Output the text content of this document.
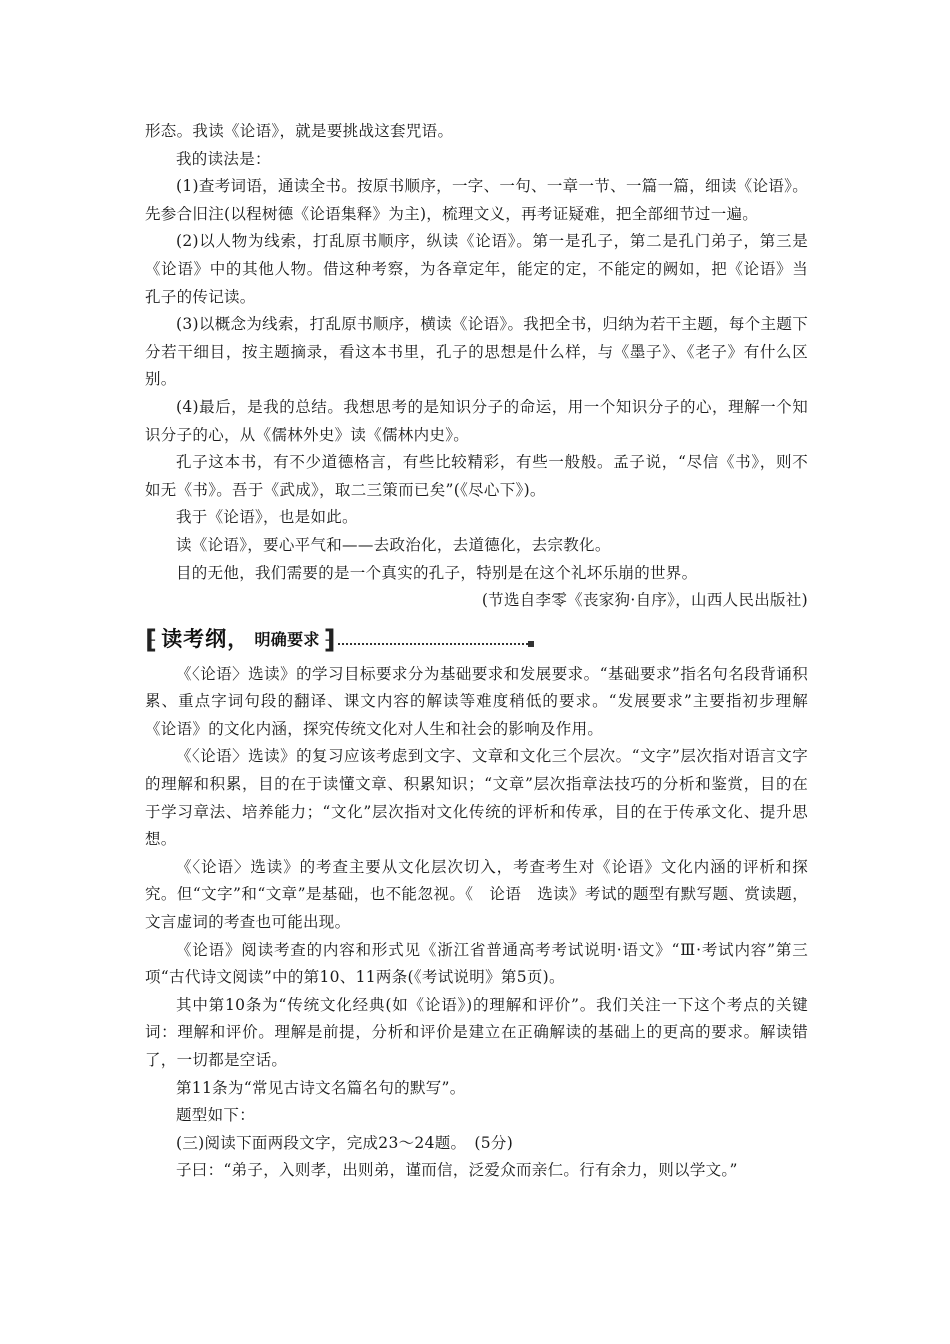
形态。我读《论语》，就是要挑战这套咒语。

我的读法是：

(1)查考词语，通读全书。按原书顺序，一字、一句、一章一节、一篇一篇，细读《论语》。先参合旧注(以程树德《论语集释》为主)，梳理文义，再考证疑难，把全部细节过一遍。

(2)以人物为线索，打乱原书顺序，纵读《论语》。第一是孔子，第二是孔门弟子，第三是《论语》中的其他人物。借这种考察，为各章定年，能定的定，不能定的阙如，把《论语》当孔子的传记读。

(3)以概念为线索，打乱原书顺序，横读《论语》。我把全书，归纳为若干主题，每个主题下分若干细目，按主题摘录，看这本书里，孔子的思想是什么样，与《墨子》、《老子》有什么区别。

(4)最后，是我的总结。我想思考的是知识分子的命运，用一个知识分子的心，理解一个知识分子的心，从《儒林外史》读《儒林内史》。

孔子这本书，有不少道德格言，有些比较精彩，有些一般般。孟子说，“尽信《书》，则不如无《书》。吾于《武成》，取二三策而已矣”(《尽心下》)。

我于《论语》，也是如此。

读《论语》，要心平气和——去政治化，去道德化，去宗教化。

目的无他，我们需要的是一个真实的孔子，特别是在这个礼坏乐崩的世界。

(节选自李零《丧家狗·自序》，山西人民出版社)

⁅ 读考纲 ， 明确要求 ⁆

《〈论语〉选读》的学习目标要求分为基础要求和发展要求。“基础要求”指名句名段背诵积累、重点字词句段的翻译、课文内容的解读等难度稍低的要求。“发展要求”主要指初步理解《论语》的文化内涵，探究传统文化对人生和社会的影响及作用。

《〈论语〉选读》的复习应该考虑到文字、文章和文化三个层次。“文字”层次指对语言文字的理解和积累，目的在于读懂文章、积累知识；“文章”层次指章法技巧的分析和鉴赏，目的在于学习章法、培养能力；“文化”层次指对文化传统的评析和传承，目的在于传承文化、提升思想。

《〈论语〉选读》的考查主要从文化层次切入，考查考生对《论语》文化内涵的评析和探究。但“文字”和“文章”是基础，也不能忽视。《　论语　选读》考试的题型有默写题、赏读题，文言虚词的考查也可能出现。

《论语》阅读考查的内容和形式见《浙江省普通高考考试说明·语文》“Ⅲ·考试内容”第三项“古代诗文阅读”中的第10、11两条(《考试说明》第5页)。

其中第10条为“传统文化经典(如《论语》)的理解和评价”。我们关注一下这个考点的关键词：理解和评价。理解是前提，分析和评价是建立在正确解读的基础上的更高的要求。解读错了，一切都是空话。

第11条为“常见古诗文名篇名句的默写”。

题型如下：

(三)阅读下面两段文字，完成23～24题。　(5分)

子曰：“弟子，入则孝，出则弟，谨而信，泛爱众而亲仁。行有余力，则以学文。”
